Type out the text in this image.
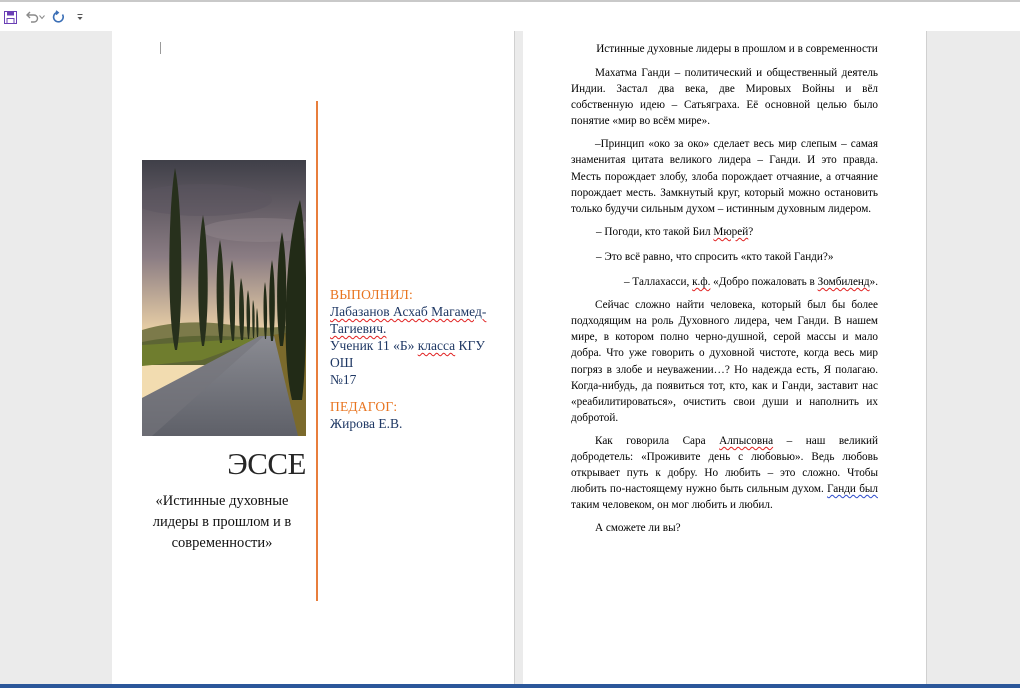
ЭССЕ
«Истинные духовные лидеры в прошлом и в современности»
ВЫПОЛНИЛ:
Лабазанов Асхаб Магамед-
Тагиевич.
Ученик 11 «Б» класса КГУ ОШ
№17
ПЕДАГОГ:
Жирова Е.В.
Истинные духовные лидеры в прошлом и в современности

Махатма Ганди – политический и общественный деятель Индии. Застал два века, две Мировых Войны и вёл собственную идею – Сатьяграха. Её основной целью было понятие «мир во всём мире».

–Принцип «око за око» сделает весь мир слепым – самая знаменитая цитата великого лидера – Ганди. И это правда. Месть порождает злобу, злоба порождает отчаяние, а отчаяние порождает месть. Замкнутый круг, который можно остановить только будучи сильным духом – истинным духовным лидером.

– Погоди, кто такой Бил Мюрей?

– Это всё равно, что спросить «кто такой Ганди?»

– Таллахасси, к.ф. «Добро пожаловать в Зомбиленд».

Сейчас сложно найти человека, который был бы более подходящим на роль Духовного лидера, чем Ганди. В нашем мире, в котором полно черно-душной, серой массы и мало добра. Что уже говорить о духовной чистоте, когда весь мир погряз в злобе и неуважении…? Но надежда есть, Я полагаю. Когда-нибудь, да появиться тот, кто, как и Ганди, заставит нас «реабилитироваться», очистить свои души и наполнить их добротой.

Как говорила Сара Алпысовна – наш великий добродетель: «Проживите день с любовью». Ведь любовь открывает путь к добру. Но любить – это сложно. Чтобы любить по-настоящему нужно быть сильным духом. Ганди был таким человеком, он мог любить и любил.

А сможете ли вы?
